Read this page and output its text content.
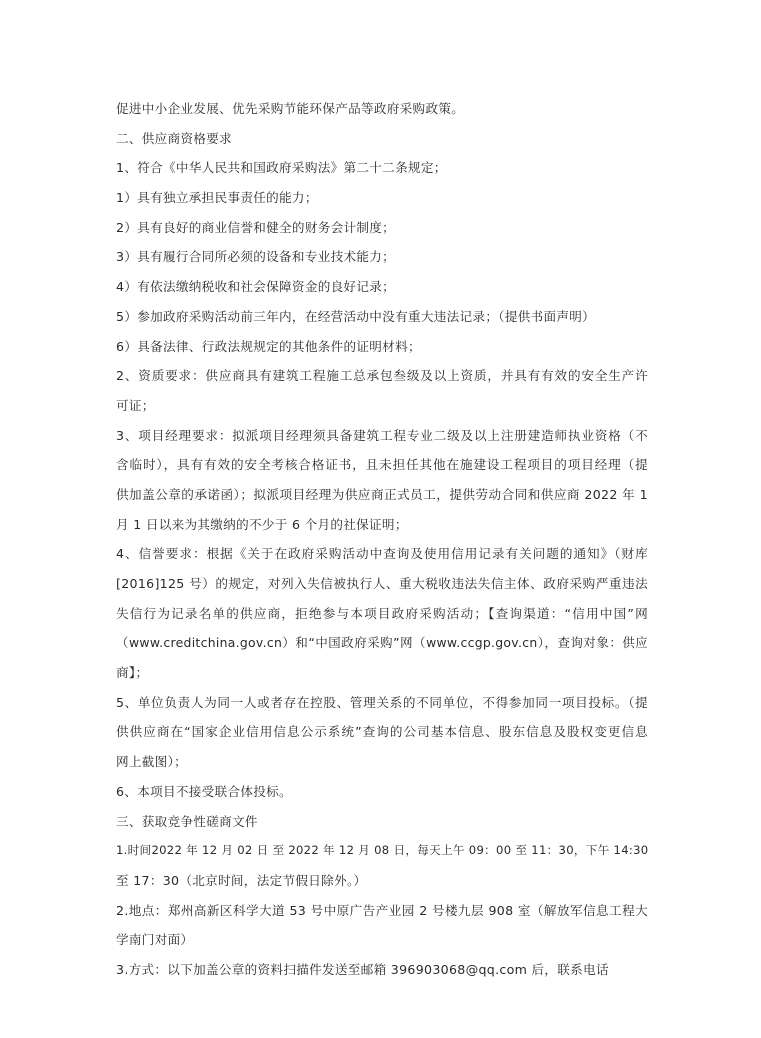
促进中小企业发展、优先采购节能环保产品等政府采购政策。
二、供应商资格要求
1、符合《中华人民共和国政府采购法》第二十二条规定；
1）具有独立承担民事责任的能力；
2）具有良好的商业信誉和健全的财务会计制度；
3）具有履行合同所必须的设备和专业技术能力；
4）有依法缴纳税收和社会保障资金的良好记录；
5）参加政府采购活动前三年内，在经营活动中没有重大违法记录；（提供书面声明）
6）具备法律、行政法规规定的其他条件的证明材料；
2、资质要求：供应商具有建筑工程施工总承包叁级及以上资质，并具有有效的安全生产许
可证；
3、项目经理要求：拟派项目经理须具备建筑工程专业二级及以上注册建造师执业资格（不
含临时），具有有效的安全考核合格证书，且未担任其他在施建设工程项目的项目经理（提
供加盖公章的承诺函）；拟派项目经理为供应商正式员工，提供劳动合同和供应商 2022 年 1
月 1 日以来为其缴纳的不少于 6 个月的社保证明；
4、信誉要求：根据《关于在政府采购活动中查询及使用信用记录有关问题的通知》（财库
[2016]125 号）的规定，对列入失信被执行人、重大税收违法失信主体、政府采购严重违法
失信行为记录名单的供应商，拒绝参与本项目政府采购活动；【查询渠道：“信用中国”网
（www.creditchina.gov.cn）和“中国政府采购”网（www.ccgp.gov.cn），查询对象：供应
商】；
5、单位负责人为同一人或者存在控股、管理关系的不同单位，不得参加同一项目投标。（提
供供应商在“国家企业信用信息公示系统”查询的公司基本信息、股东信息及股权变更信息
网上截图）；
6、本项目不接受联合体投标。
三、获取竞争性磋商文件
1.时间2022 年 12 月 02 日 至 2022 年 12 月 08 日，每天上午 09：00 至 11：30，下午 14:30
至 17：30（北京时间，法定节假日除外。）
2.地点：郑州高新区科学大道 53 号中原广告产业园 2 号楼九层 908 室（解放军信息工程大
学南门对面）
3.方式：以下加盖公章的资料扫描件发送至邮箱 396903068@qq.com 后，联系电话
